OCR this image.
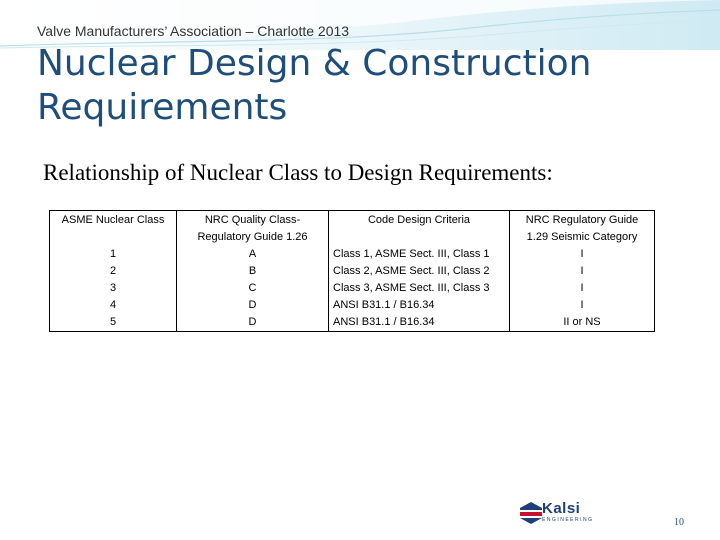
Valve Manufacturers’ Association – Charlotte 2013
Nuclear Design & Construction Requirements
Relationship of Nuclear Class to Design Requirements:
ASME Nuclear Class	NRC Quality Class- Regulatory Guide 1.26	Code Design Criteria	NRC Regulatory Guide 1.29 Seismic Category
1	A	Class 1, ASME Sect. III, Class 1	I
2	B	Class 2, ASME Sect. III, Class 2	I
3	C	Class 3, ASME Sect. III, Class 3	I
4	D	ANSI B31.1 / B16.34	I
5	D	ANSI B31.1 / B16.34	II or NS
Kalsi
ENGINEERING	10
